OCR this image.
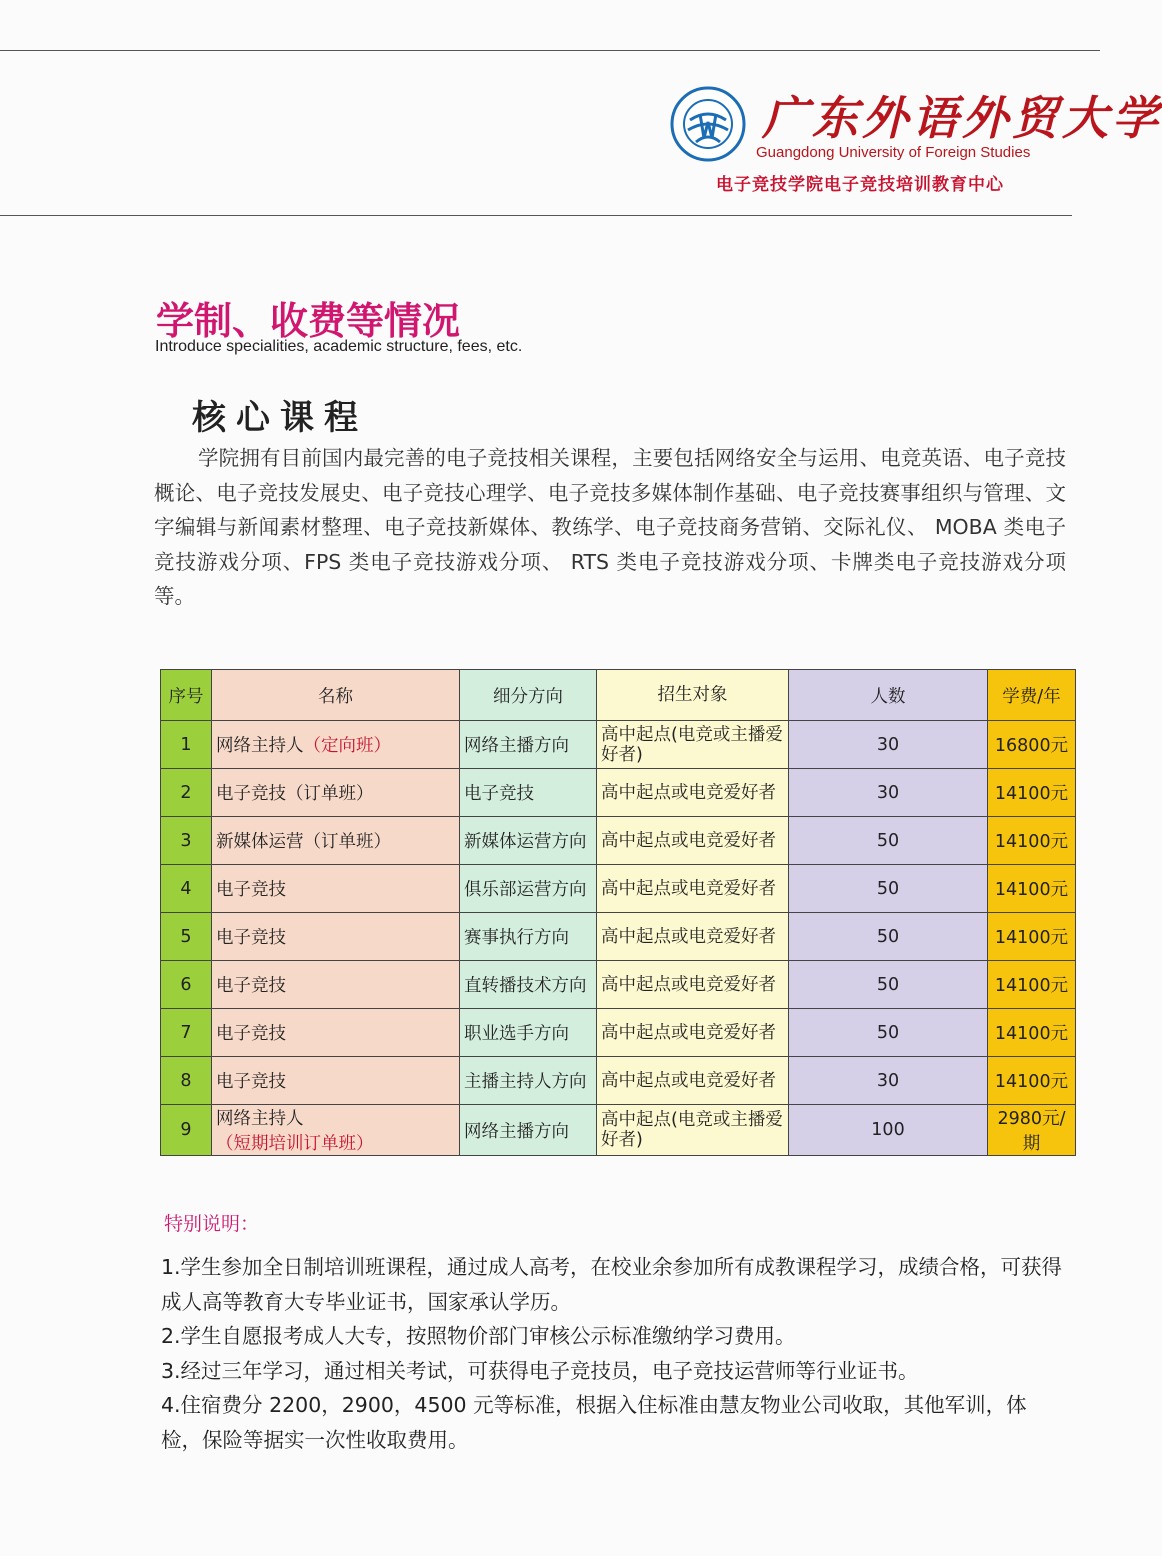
广东外语外贸大学
Guangdong University of Foreign Studies
电子竞技学院电子竞技培训教育中心
学制、收费等情况
Introduce specialities, academic structure, fees, etc.
核心课程
学院拥有目前国内最完善的电子竞技相关课程，主要包括网络安全与运用、电竞英语、电子竞技概论、电子竞技发展史、电子竞技心理学、电子竞技多媒体制作基础、电子竞技赛事组织与管理、文字编辑与新闻素材整理、电子竞技新媒体、教练学、电子竞技商务营销、交际礼仪、 MOBA 类电子竞技游戏分项、FPS 类电子竞技游戏分项、 RTS 类电子竞技游戏分项、卡牌类电子竞技游戏分项等。
序号	名称	细分方向	招生对象	人数	学费/年
1	网络主持人（定向班）	网络主播方向	高中起点(电竞或主播爱好者)	30	16800元
2	电子竞技（订单班）	电子竞技	高中起点或电竞爱好者	30	14100元
3	新媒体运营（订单班）	新媒体运营方向	高中起点或电竞爱好者	50	14100元
4	电子竞技	俱乐部运营方向	高中起点或电竞爱好者	50	14100元
5	电子竞技	赛事执行方向	高中起点或电竞爱好者	50	14100元
6	电子竞技	直转播技术方向	高中起点或电竞爱好者	50	14100元
7	电子竞技	职业选手方向	高中起点或电竞爱好者	50	14100元
8	电子竞技	主播主持人方向	高中起点或电竞爱好者	30	14100元
9	网络主持人（短期培训订单班）	网络主播方向	高中起点(电竞或主播爱好者)	100	2980元/期
特别说明：

1.学生参加全日制培训班课程，通过成人高考，在校业余参加所有成教课程学习，成绩合格，可获得成人高等教育大专毕业证书，国家承认学历。

2.学生自愿报考成人大专，按照物价部门审核公示标准缴纳学习费用。

3.经过三年学习，通过相关考试，可获得电子竞技员，电子竞技运营师等行业证书。

4.住宿费分 2200，2900，4500 元等标准，根据入住标准由慧友物业公司收取，其他军训，体检，保险等据实一次性收取费用。
